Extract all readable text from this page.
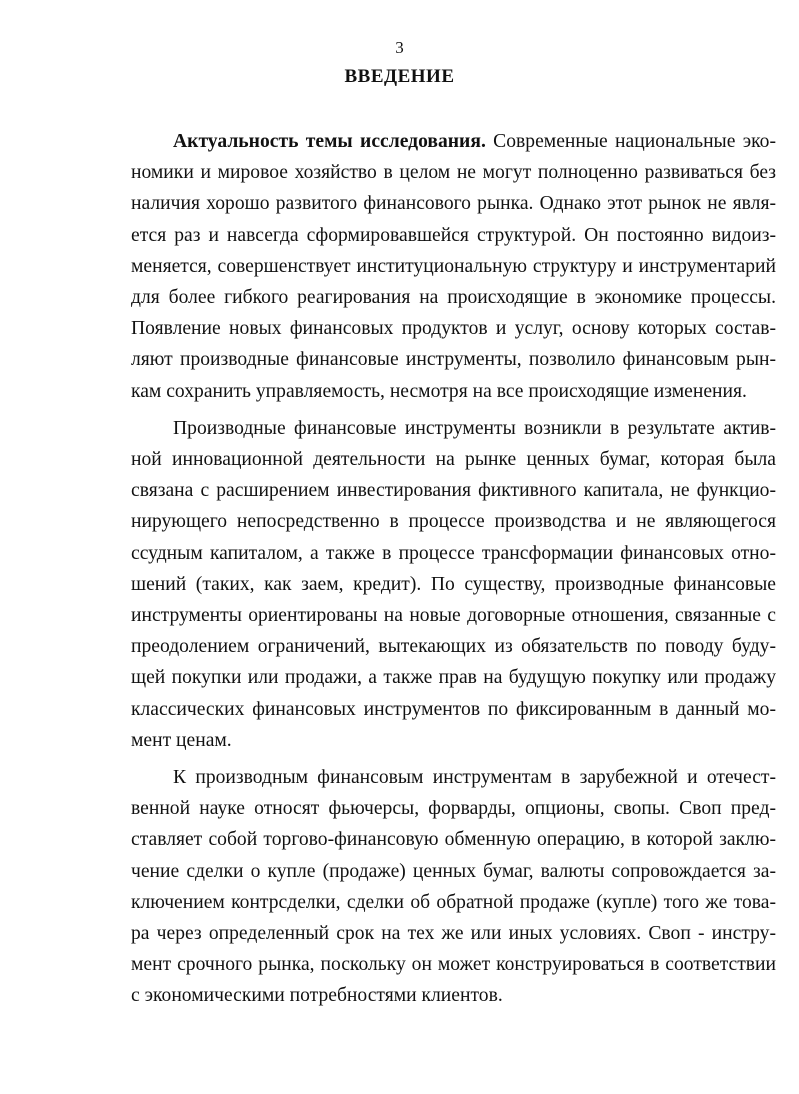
3
ВВЕДЕНИЕ
Актуальность темы исследования. Современные национальные эко-
номики и мировое хозяйство в целом не могут полноценно развиваться без
наличия хорошо развитого финансового рынка. Однако этот рынок не явля-
ется раз и навсегда сформировавшейся структурой. Он постоянно видоиз-
меняется, совершенствует институциональную структуру и инструментарий
для более гибкого реагирования на происходящие в экономике процессы.
Появление новых финансовых продуктов и услуг, основу которых состав-
ляют производные финансовые инструменты, позволило финансовым рын-
кам сохранить управляемость, несмотря на все происходящие изменения.
Производные финансовые инструменты возникли в результате актив-
ной инновационной деятельности на рынке ценных бумаг, которая была
связана с расширением инвестирования фиктивного капитала, не функцио-
нирующего непосредственно в процессе производства и не являющегося
ссудным капиталом, а также в процессе трансформации финансовых отно-
шений (таких, как заем, кредит). По существу, производные финансовые
инструменты ориентированы на новые договорные отношения, связанные с
преодолением ограничений, вытекающих из обязательств по поводу буду-
щей покупки или продажи, а также прав на будущую покупку или продажу
классических финансовых инструментов по фиксированным в данный мо-
мент ценам.
К производным финансовым инструментам в зарубежной и отечест-
венной науке относят фьючерсы, форварды, опционы, свопы. Своп пред-
ставляет собой торгово-финансовую обменную операцию, в которой заклю-
чение сделки о купле (продаже) ценных бумаг, валюты сопровождается за-
ключением контрсделки, сделки об обратной продаже (купле) того же това-
ра через определенный срок на тех же или иных условиях. Своп - инстру-
мент срочного рынка, поскольку он может конструироваться в соответствии
с экономическими потребностями клиентов.
